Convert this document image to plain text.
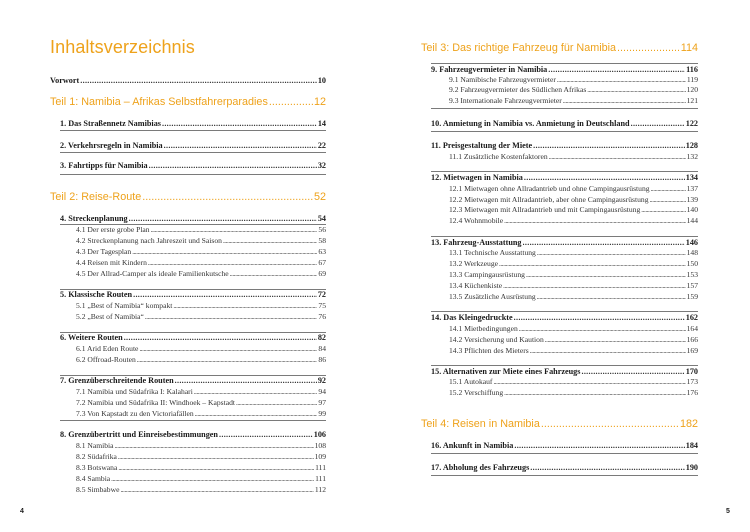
Inhaltsverzeichnis
Vorwort .....	10
Teil 1: Namibia – Afrikas Selbstfahrerparadies .....	12
1. Das Straßennetz Namibias .....	14
2. Verkehrsregeln in Namibia .....	22
3. Fahrtipps für Namibia .....	32
Teil 2: Reise-Route .....	52
4. Streckenplanung .....	54
4.1 Der erste grobe Plan .....	56
4.2 Streckenplanung nach Jahreszeit und Saison .....	58
4.3 Der Tagesplan .....	63
4.4 Reisen mit Kindern .....	67
4.5 Der Allrad-Camper als ideale Familienkutsche .....	69
5. Klassische Routen .....	72
5.1 „Best of Namibia“ kompakt .....	75
5.2 „Best of Namibia“ .....	76
6. Weitere Routen .....	82
6.1 Arid Eden Route .....	84
6.2 Offroad-Routen .....	86
7. Grenzüberschreitende Routen .....	92
7.1 Namibia und Südafrika I: Kalahari .....	94
7.2 Namibia und Südafrika II: Windhoek – Kapstadt .....	97
7.3 Von Kapstadt zu den Victoriafällen .....	99
8. Grenzübertritt und Einreisebestimmungen .....	106
8.1 Namibia .....	108
8.2 Südafrika .....	109
8.3 Botswana .....	111
8.4 Sambia .....	111
8.5 Simbabwe .....	112
4
Teil 3: Das richtige Fahrzeug für Namibia .....	114
9. Fahrzeugvermieter in Namibia .....	116
9.1 Namibische Fahrzeugvermieter .....	119
9.2 Fahrzeugvermieter des Südlichen Afrikas .....	120
9.3 Internationale Fahrzeugvermieter .....	121
10. Anmietung in Namibia vs. Anmietung in Deutschland .....	122
11. Preisgestaltung der Miete .....	128
11.1 Zusätzliche Kostenfaktoren .....	132
12. Mietwagen in Namibia .....	134
12.1 Mietwagen ohne Allradantrieb und ohne Campingausrüstung .....	137
12.2 Mietwagen mit Allradantrieb, aber ohne Campingausrüstung .....	139
12.3 Mietwagen mit Allradantrieb und mit Campingausrüstung .....	140
12.4 Wohnmobile .....	144
13. Fahrzeug-Ausstattung .....	146
13.1 Technische Ausstattung .....	148
13.2 Werkzeuge .....	150
13.3 Campingausrüstung .....	153
13.4 Küchenkiste .....	157
13.5 Zusätzliche Ausrüstung .....	159
14. Das Kleingedruckte .....	162
14.1 Mietbedingungen .....	164
14.2 Versicherung und Kaution .....	166
14.3 Pflichten des Mieters .....	169
15. Alternativen zur Miete eines Fahrzeugs .....	170
15.1 Autokauf .....	173
15.2 Verschiffung .....	176
Teil 4: Reisen in Namibia .....	182
16. Ankunft in Namibia .....	184
17. Abholung des Fahrzeugs .....	190
5
